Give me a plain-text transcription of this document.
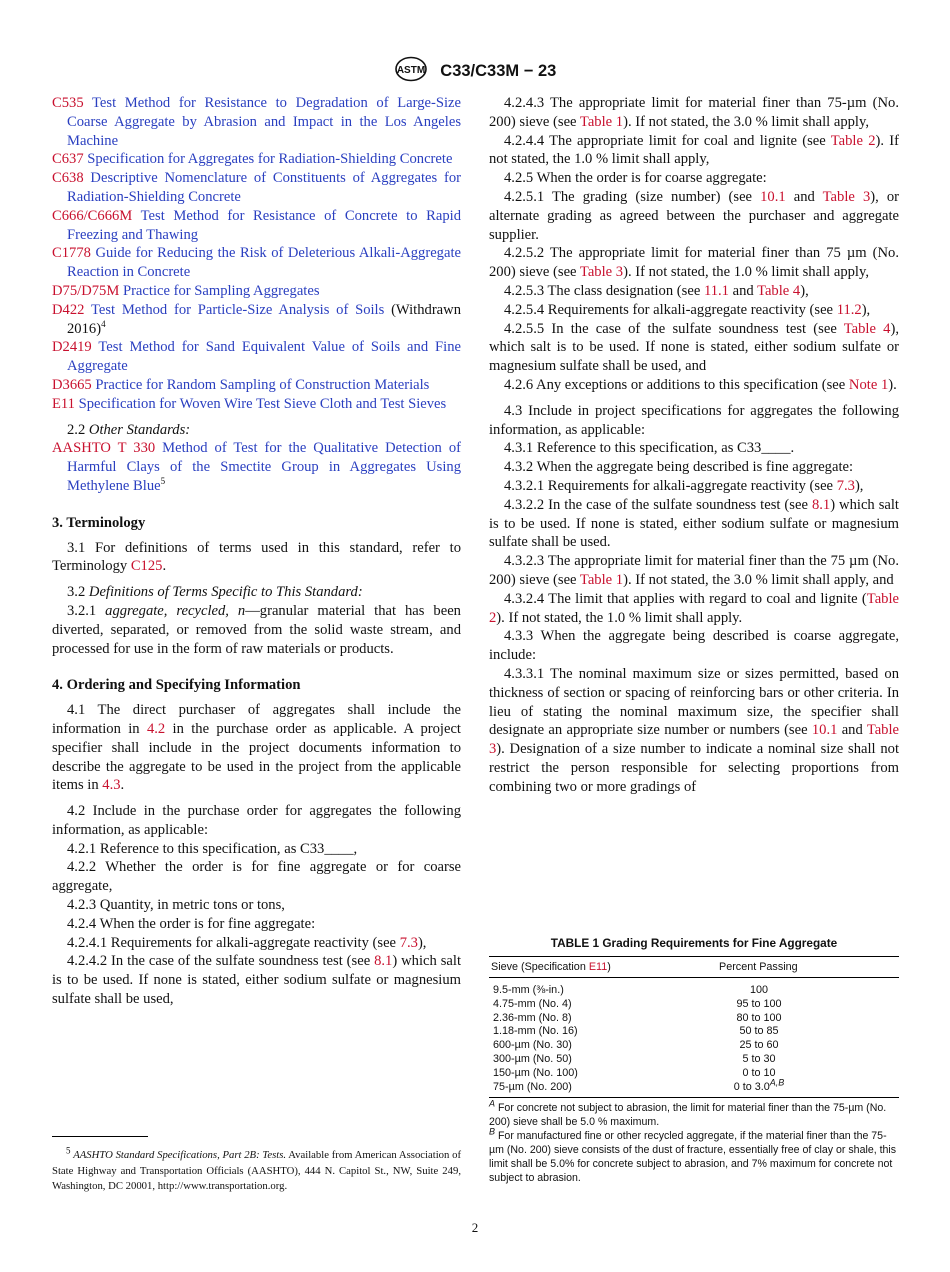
ASTM C33/C33M − 23

C535 Test Method for Resistance to Degradation of Large-Size Coarse Aggregate by Abrasion and Impact in the Los Angeles Machine

C637 Specification for Aggregates for Radiation-Shielding Concrete

C638 Descriptive Nomenclature of Constituents of Aggregates for Radiation-Shielding Concrete

C666/C666M Test Method for Resistance of Concrete to Rapid Freezing and Thawing

C1778 Guide for Reducing the Risk of Deleterious Alkali-Aggregate Reaction in Concrete

D75/D75M Practice for Sampling Aggregates

D422 Test Method for Particle-Size Analysis of Soils (Withdrawn 2016)$^4$

D2419 Test Method for Sand Equivalent Value of Soils and Fine Aggregate

D3665 Practice for Random Sampling of Construction Materials

E11 Specification for Woven Wire Test Sieve Cloth and Test Sieves

2.2 Other Standards:

AASHTO T 330 Method of Test for the Qualitative Detection of Harmful Clays of the Smectite Group in Aggregates Using Methylene Blue$^5$

3. Terminology

3.1 For definitions of terms used in this standard, refer to Terminology C125.

3.2 Definitions of Terms Specific to This Standard:

3.2.1 aggregate, recycled, n—granular material that has been diverted, separated, or removed from the solid waste stream, and processed for use in the form of raw materials or products.

4. Ordering and Specifying Information

4.1 The direct purchaser of aggregates shall include the information in 4.2 in the purchase order as applicable. A project specifier shall include in the project documents information to describe the aggregate to be used in the project from the applicable items in 4.3.

4.2 Include in the purchase order for aggregates the following information, as applicable:

4.2.1 Reference to this specification, as C33____,

4.2.2 Whether the order is for fine aggregate or for coarse aggregate,

4.2.3 Quantity, in metric tons or tons,

4.2.4 When the order is for fine aggregate:

4.2.4.1 Requirements for alkali-aggregate reactivity (see 7.3),

4.2.4.2 In the case of the sulfate soundness test (see 8.1) which salt is to be used. If none is stated, either sodium sulfate or magnesium sulfate shall be used,

$^5$ AASHTO Standard Specifications, Part 2B: Tests. Available from American Association of State Highway and Transportation Officials (AASHTO), 444 N. Capitol St., NW, Suite 249, Washington, DC 20001, http://www.transportation.org.

4.2.4.3 The appropriate limit for material finer than 75-µm (No. 200) sieve (see Table 1). If not stated, the 3.0 % limit shall apply,

4.2.4.4 The appropriate limit for coal and lignite (see Table 2). If not stated, the 1.0 % limit shall apply,

4.2.5 When the order is for coarse aggregate:

4.2.5.1 The grading (size number) (see 10.1 and Table 3), or alternate grading as agreed between the purchaser and aggregate supplier.

4.2.5.2 The appropriate limit for material finer than 75 µm (No. 200) sieve (see Table 3). If not stated, the 1.0 % limit shall apply,

4.2.5.3 The class designation (see 11.1 and Table 4),

4.2.5.4 Requirements for alkali-aggregate reactivity (see 11.2),

4.2.5.5 In the case of the sulfate soundness test (see Table 4), which salt is to be used. If none is stated, either sodium sulfate or magnesium sulfate shall be used, and

4.2.6 Any exceptions or additions to this specification (see Note 1).

4.3 Include in project specifications for aggregates the following information, as applicable:

4.3.1 Reference to this specification, as C33____.

4.3.2 When the aggregate being described is fine aggregate:

4.3.2.1 Requirements for alkali-aggregate reactivity (see 7.3),

4.3.2.2 In the case of the sulfate soundness test (see 8.1) which salt is to be used. If none is stated, either sodium sulfate or magnesium sulfate shall be used.

4.3.2.3 The appropriate limit for material finer than the 75 µm (No. 200) sieve (see Table 1). If not stated, the 3.0 % limit shall apply, and

4.3.2.4 The limit that applies with regard to coal and lignite (Table 2). If not stated, the 1.0 % limit shall apply.

4.3.3 When the aggregate being described is coarse aggregate, include:

4.3.3.1 The nominal maximum size or sizes permitted, based on thickness of section or spacing of reinforcing bars or other criteria. In lieu of stating the nominal maximum size, the specifier shall designate an appropriate size number or numbers (see 10.1 and Table 3). Designation of a size number to indicate a nominal size shall not restrict the person responsible for selecting proportions from combining two or more gradings of

TABLE 1 Grading Requirements for Fine Aggregate
Sieve (Specification E11)	Percent Passing
9.5-mm (⅜-in.)	100
4.75-mm (No. 4)	95 to 100
2.36-mm (No. 8)	80 to 100
1.18-mm (No. 16)	50 to 85
600-µm (No. 30)	25 to 60
300-µm (No. 50)	5 to 30
150-µm (No. 100)	0 to 10
75-µm (No. 200)	0 to $3.0^{A,B}$
$^A$ For concrete not subject to abrasion, the limit for material finer than the 75-µm (No. 200) sieve shall be 5.0 % maximum.
$^B$ For manufactured fine or other recycled aggregate, if the material finer than the 75-µm (No. 200) sieve consists of the dust of fracture, essentially free of clay or shale, this limit shall be 5.0% for concrete subject to abrasion, and 7% maximum for concrete not subject to abrasion.
2
